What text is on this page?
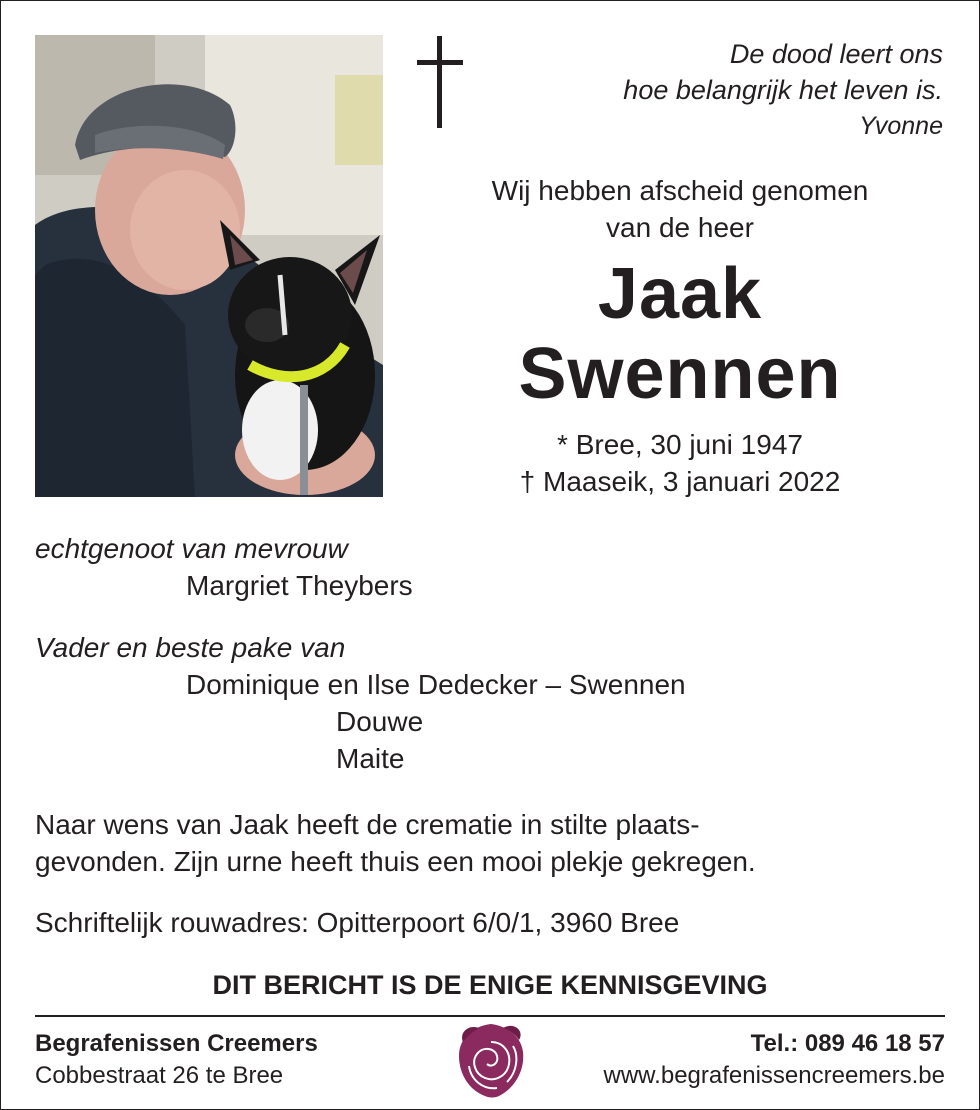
De dood leert ons
hoe belangrijk het leven is.
Yvonne
Wij hebben afscheid genomen
van de heer
Jaak
Swennen
* Bree, 30 juni 1947
† Maaseik, 3 januari 2022
echtgenoot van mevrouw
Margriet Theybers
Vader en beste pake van
Dominique en Ilse Dedecker – Swennen
Douwe
Maite
Naar wens van Jaak heeft de crematie in stilte plaats-
gevonden. Zijn urne heeft thuis een mooi plekje gekregen.
Schriftelijk rouwadres: Opitterpoort 6/0/1, 3960 Bree
DIT BERICHT IS DE ENIGE KENNISGEVING
Begrafenissen Creemers
Cobbestraat 26 te Bree
Tel.: 089 46 18 57
www.begrafenissencreemers.be
